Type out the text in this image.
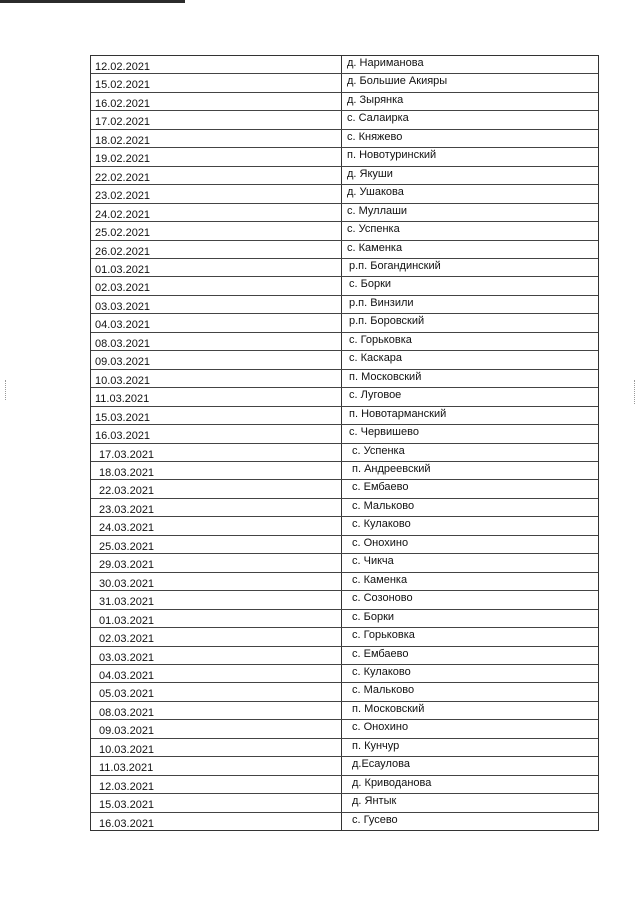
12.02.2021	д. Нариманова
15.02.2021	д. Большие Акияры
16.02.2021	д. Зырянка
17.02.2021	с. Салаирка
18.02.2021	с. Княжево
19.02.2021	п. Новотуринский
22.02.2021	д. Якуши
23.02.2021	д. Ушакова
24.02.2021	с. Муллаши
25.02.2021	с. Успенка
26.02.2021	с. Каменка
01.03.2021	р.п. Богандинский
02.03.2021	с. Борки
03.03.2021	р.п. Винзили
04.03.2021	р.п. Боровский
08.03.2021	с. Горьковка
09.03.2021	с. Каскара
10.03.2021	п. Московский
11.03.2021	с. Луговое
15.03.2021	п. Новотарманский
16.03.2021	с. Червишево
17.03.2021	с. Успенка
18.03.2021	п. Андреевский
22.03.2021	с. Ембаево
23.03.2021	с. Мальково
24.03.2021	с. Кулаково
25.03.2021	с. Онохино
29.03.2021	с. Чикча
30.03.2021	с. Каменка
31.03.2021	с. Созоново
01.03.2021	с. Борки
02.03.2021	с. Горьковка
03.03.2021	с. Ембаево
04.03.2021	с. Кулаково
05.03.2021	с. Мальково
08.03.2021	п. Московский
09.03.2021	с. Онохино
10.03.2021	п. Кунчур
11.03.2021	д.Есаулова
12.03.2021	д. Криводанова
15.03.2021	д. Янтык
16.03.2021	с. Гусево
